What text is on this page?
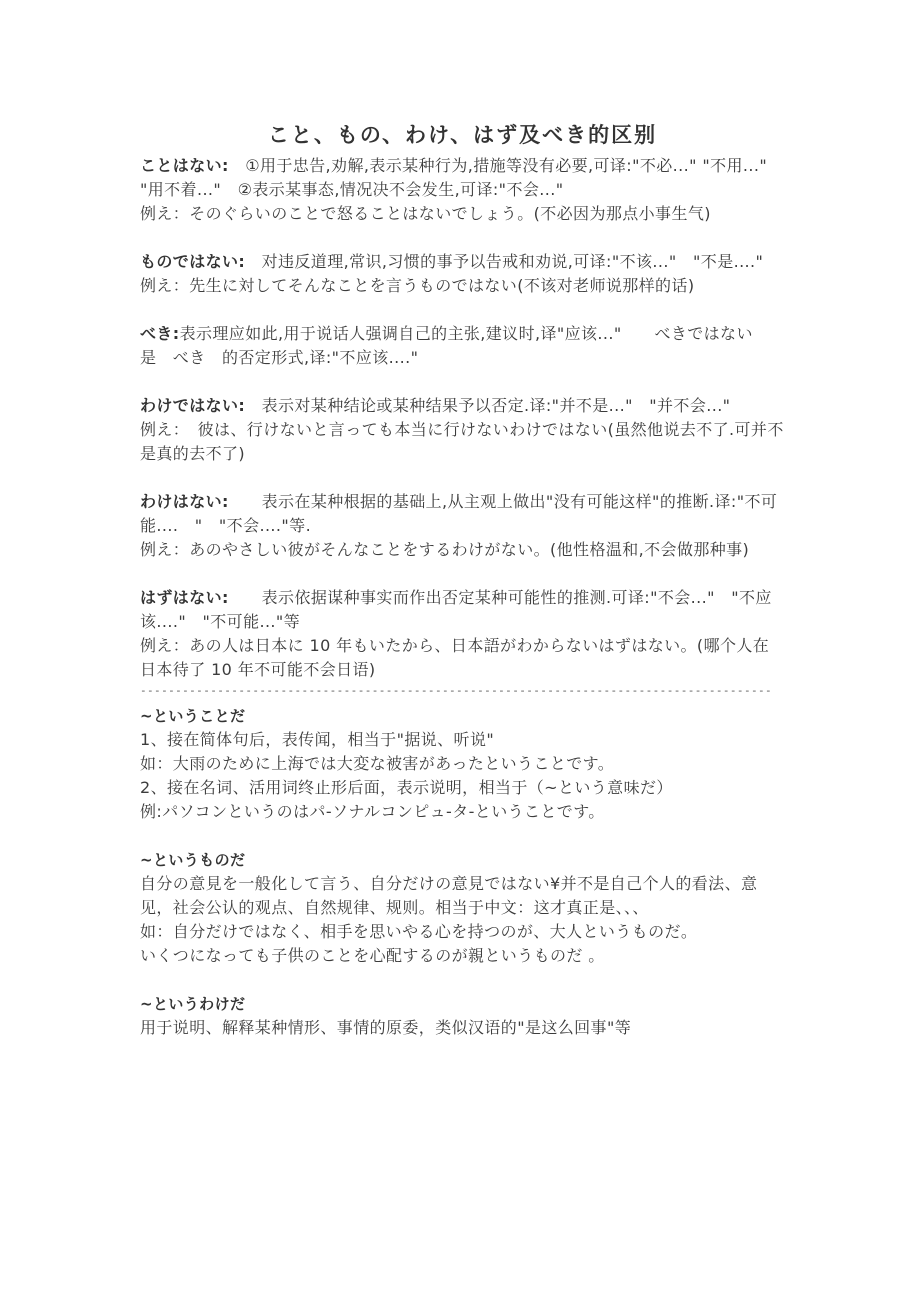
こと、もの、わけ、はず及べき的区别

ことはない:　①用于忠告,劝解,表示某种行为,措施等没有必要,可译:"不必..." "不用..." "用不着..."　②表示某事态,情况决不会发生,可译:"不会..."

例え：そのぐらいのことで怒ることはないでしょう。(不必因为那点小事生气)

ものではない:　对违反道理,常识,习惯的事予以告戒和劝说,可译:"不该..."　"不是...."

例え：先生に対してそんなことを言うものではない(不该对老师说那样的话)

べき:表示理应如此,用于说话人强调自己的主张,建议时,译"应该..."　　べきではない　是　べき　的否定形式,译:"不应该...."

わけではない:　表示对某种结论或某种结果予以否定.译:"并不是..."　"并不会..."

例え：　彼は、行けないと言っても本当に行けないわけではない(虽然他说去不了.可并不是真的去不了)

わけはない:　　表示在某种根据的基础上,从主观上做出"没有可能这样"的推断.译:"不可能....　"　"不会...."等.

例え：あのやさしい彼がそんなことをするわけがない。(他性格温和,不会做那种事)

はずはない:　　表示依据谋种事实而作出否定某种可能性的推测.可译:"不会..."　"不应该...."　"不可能..."等

例え：あの人は日本に 10 年もいたから、日本語がわからないはずはない。(哪个人在日本待了 10 年不可能不会日语)

------------------------------------------------------------------------------------------

~ということだ

1、接在简体句后，表传闻，相当于"据说、听说"

如：大雨のために上海では大変な被害があったということです。

2、接在名词、活用词终止形后面，表示说明，相当于（~という意味だ）

例:パソコンというのはパ-ソナルコンピュ-タ-ということです。

~というものだ

自分の意見を一般化して言う、自分だけの意見ではない¥并不是自己个人的看法、意见，社会公认的观点、自然规律、规则。相当于中文：这才真正是、、、

如：自分だけではなく、相手を思いやる心を持つのが、大人というものだ。

いくつになっても子供のことを心配するのが親というものだ 。

~というわけだ

用于说明、解释某种情形、事情的原委，类似汉语的"是这么回事"等
